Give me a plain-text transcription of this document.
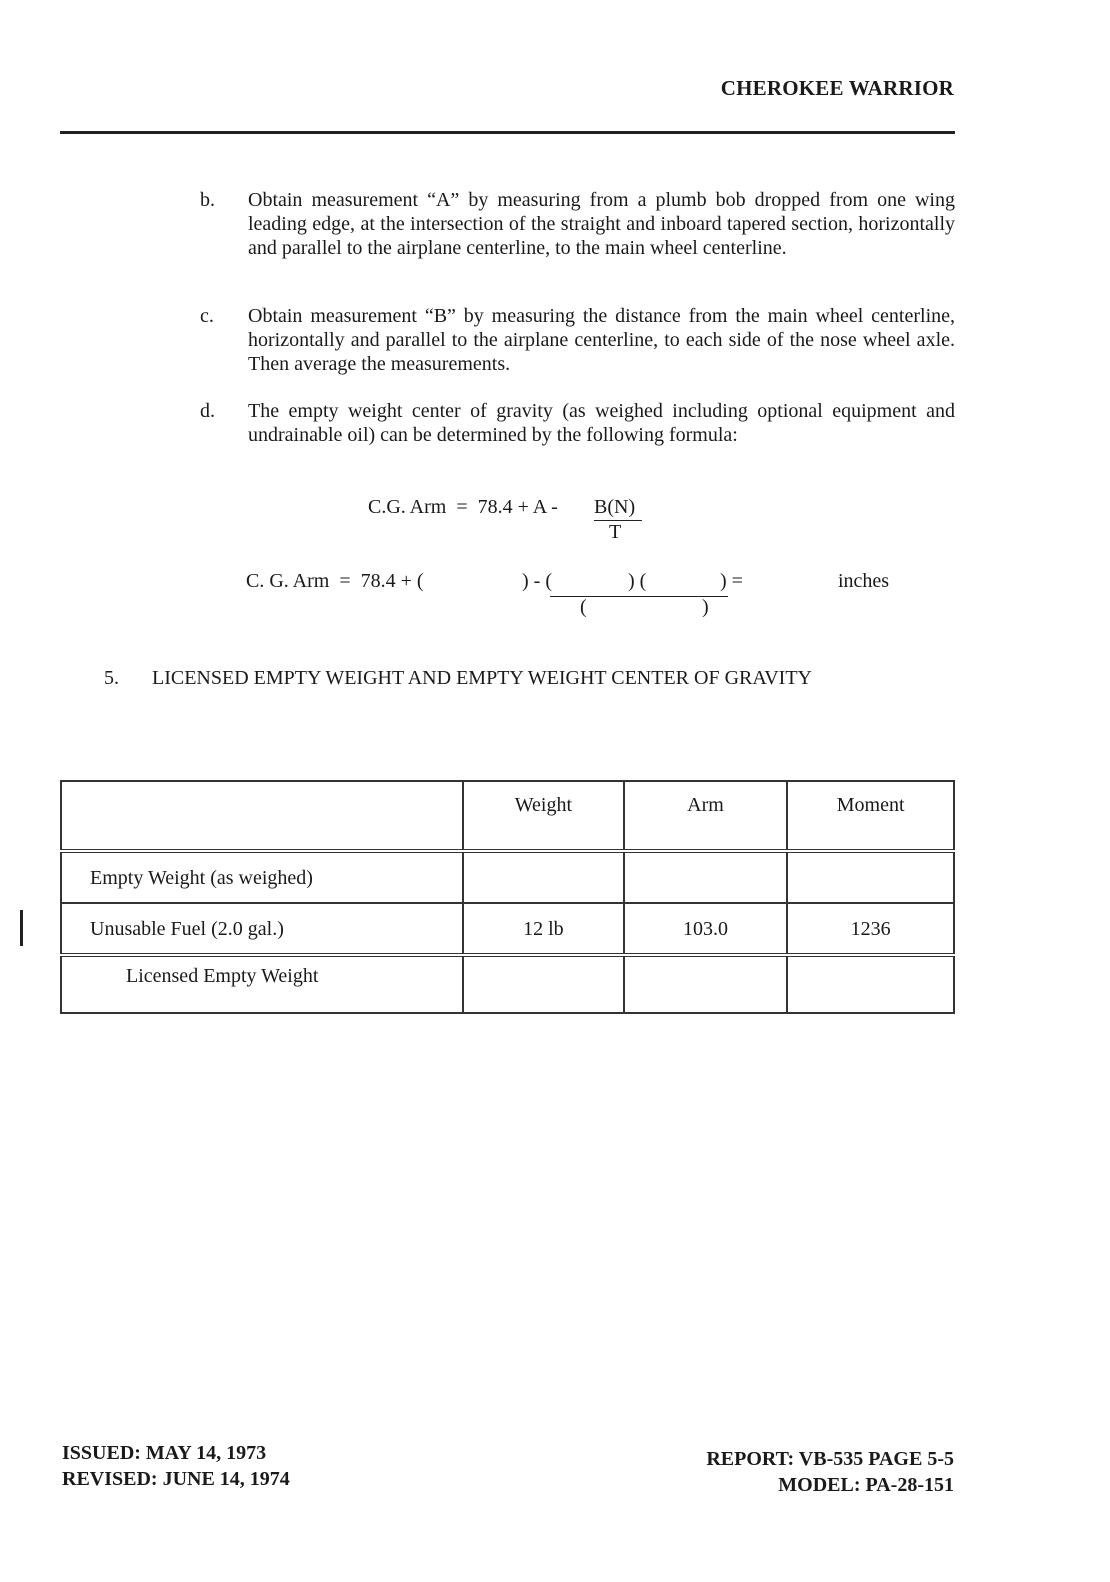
CHEROKEE WARRIOR
b. Obtain measurement “A” by measuring from a plumb bob dropped from one wing leading edge, at the intersection of the straight and inboard tapered section, horizontally and parallel to the airplane centerline, to the main wheel centerline.
c. Obtain measurement “B” by measuring the distance from the main wheel centerline, horizontally and parallel to the airplane centerline, to each side of the nose wheel axle. Then average the measurements.
d. The empty weight center of gravity (as weighed including optional equipment and undrainable oil) can be determined by the following formula:
C.G. Arm  =  78.4 + A - B(N)
T
C. G. Arm  =  78.4 + (	) - (	) (	) =
(	)
inches
5. LICENSED EMPTY WEIGHT AND EMPTY WEIGHT CENTER OF GRAVITY
	Weight	Arm	Moment
Empty Weight (as weighed)			
Unusable Fuel (2.0 gal.)	12 lb	103.0	1236
Licensed Empty Weight			
ISSUED: MAY 14, 1973
REVISED: JUNE 14, 1974
REPORT: VB-535 PAGE 5-5
MODEL: PA-28-151
